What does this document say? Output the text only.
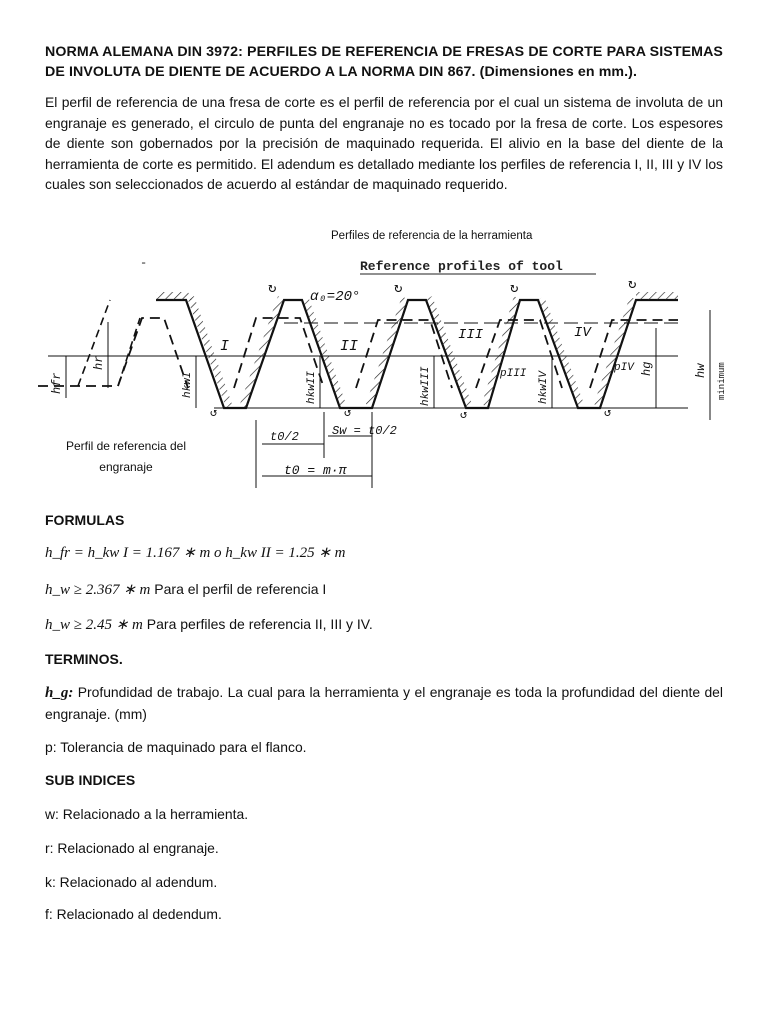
NORMA ALEMANA DIN 3972: PERFILES DE REFERENCIA DE FRESAS DE CORTE PARA SISTEMAS DE INVOLUTA DE DIENTE DE ACUERDO A LA NORMA DIN 867. (Dimensiones en mm.).

El perfil de referencia de una fresa de corte es el perfil de referencia por el cual un sistema de involuta de un engranaje es generado, el circulo de punta del engranaje no es tocado por la fresa de corte. Los espesores de diente son gobernados por la precisión de maquinado requerida. El alivio en la base del diente de la herramienta de corte es permitido. El adendum es detallado mediante los perfiles de referencia I, II, III y IV los cuales son seleccionados de acuerdo al estándar de maquinado requerido.

Perfiles de referencia de la herramienta
Reference profiles of tool
-
α₀=20°
I	II
III	IV
hfr
hr
hkwI	hkwII	hkwIII	hkwIV
pIII	pIV hg	hw minimum
t0/2	Sw = t0/2
t0 = m·π
↻	↻	↻	↻
↺	↺	↺	↺
Perfil de referencia del engranaje
FORMULAS
h_fr = h_kw I = 1.167 ∗ m o h_kw II = 1.25 ∗ m
h_w ≥ 2.367 ∗ m Para el perfil de referencia I
h_w ≥ 2.45 ∗ m Para perfiles de referencia II, III y IV.
TERMINOS.
h_g: Profundidad de trabajo. La cual para la herramienta y el engranaje es toda la profundidad del diente del engranaje. (mm)
p: Tolerancia de maquinado para el flanco.
SUB INDICES
w: Relacionado a la herramienta.
r: Relacionado al engranaje.
k: Relacionado al adendum.
f: Relacionado al dedendum.
